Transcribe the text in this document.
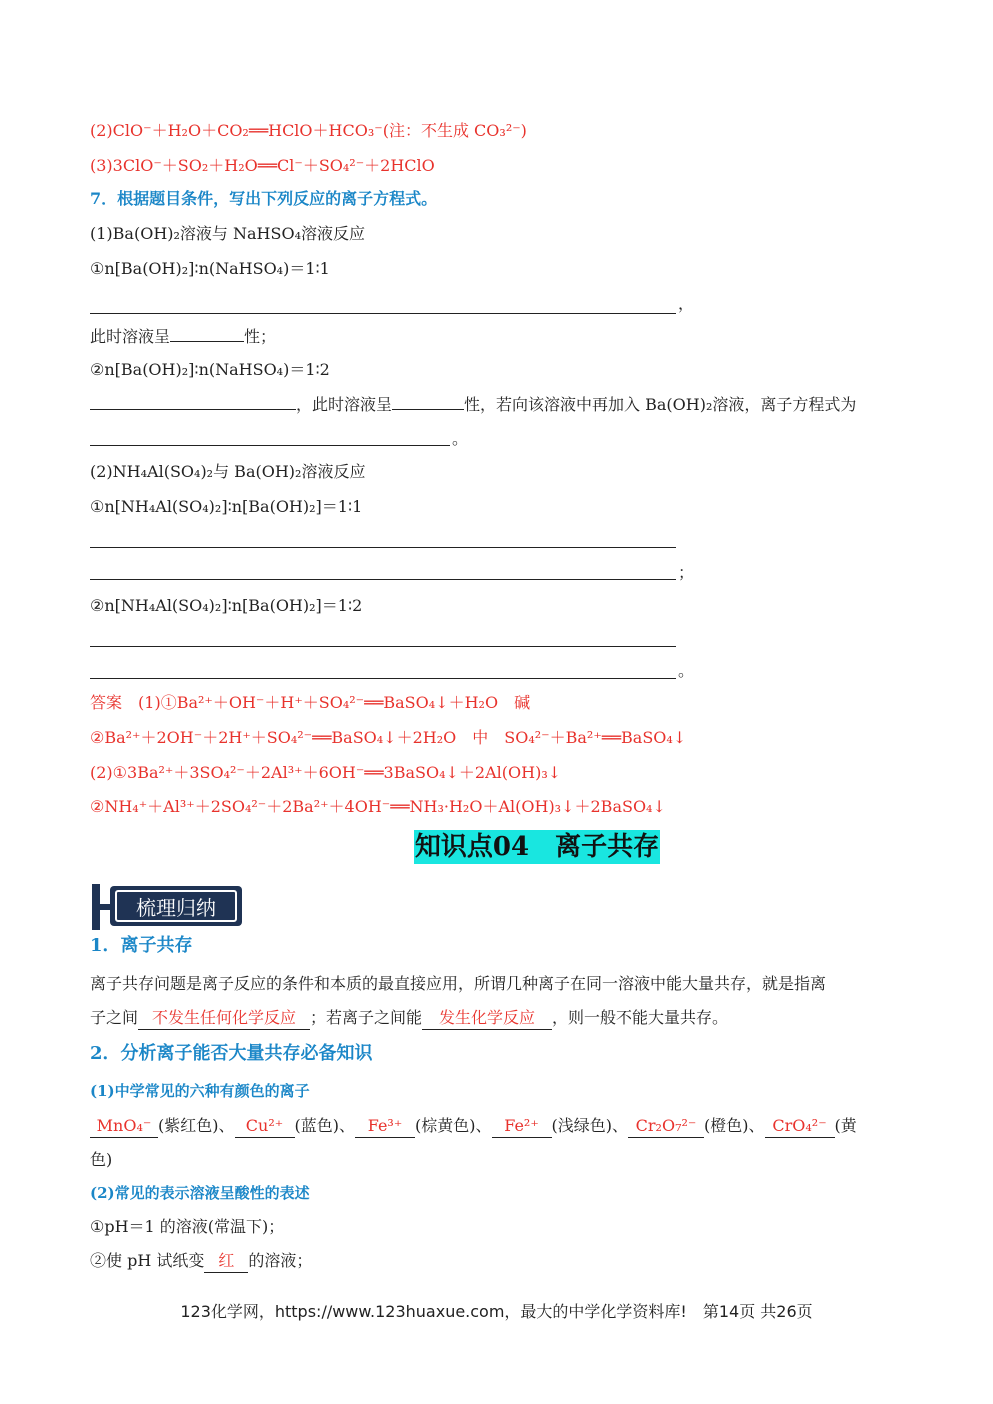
(2)ClO⁻＋H₂O＋CO₂══HClO＋HCO₃⁻(注：不生成 CO₃²⁻)
(3)3ClO⁻＋SO₂＋H₂O══Cl⁻＋SO₄²⁻＋2HClO
7．根据题目条件，写出下列反应的离子方程式。
(1)Ba(OH)₂溶液与 NaHSO₄溶液反应
①n[Ba(OH)₂]∶n(NaHSO₄)＝1∶1
，
此时溶液呈	性；
②n[Ba(OH)₂]∶n(NaHSO₄)＝1∶2
，此时溶液呈	性，若向该溶液中再加入 Ba(OH)₂溶液，离子方程式为
。
(2)NH₄Al(SO₄)₂与 Ba(OH)₂溶液反应
①n[NH₄Al(SO₄)₂]∶n[Ba(OH)₂]＝1∶1
；
②n[NH₄Al(SO₄)₂]∶n[Ba(OH)₂]＝1∶2
。
答案　 (1)①Ba²⁺＋OH⁻＋H⁺＋SO₄²⁻══BaSO₄↓＋H₂O　碱
②Ba²⁺＋2OH⁻＋2H⁺＋SO₄²⁻══BaSO₄↓＋2H₂O　中　SO₄²⁻＋Ba²⁺══BaSO₄↓
(2)①3Ba²⁺＋3SO₄²⁻＋2Al³⁺＋6OH⁻══3BaSO₄↓＋2Al(OH)₃↓
②NH₄⁺＋Al³⁺＋2SO₄²⁻＋2Ba²⁺＋4OH⁻══NH₃·H₂O＋Al(OH)₃↓＋2BaSO₄↓
知识点04　离子共存
梳理归纳
1．离子共存
离子共存问题是离子反应的条件和本质的最直接应用，所谓几种离子在同一溶液中能大量共存，就是指离
子之间 不发生任何化学反应 ；若离子之间能 发生化学反应 ，则一般不能大量共存。
2．分析离子能否大量共存必备知识
(1)中学常见的六种有颜色的离子
MnO₄⁻ (紫红色)、 Cu²⁺ (蓝色)、 Fe³⁺ (棕黄色)、 Fe²⁺ (浅绿色)、 Cr₂O₇²⁻ (橙色)、 CrO₄²⁻ (黄
色)
(2)常见的表示溶液呈酸性的表述
①pH＝1 的溶液(常温下)；
②使 pH 试纸变 红 的溶液；
123化学网，https://www.123huaxue.com，最大的中学化学资料库!　第14页 共26页
